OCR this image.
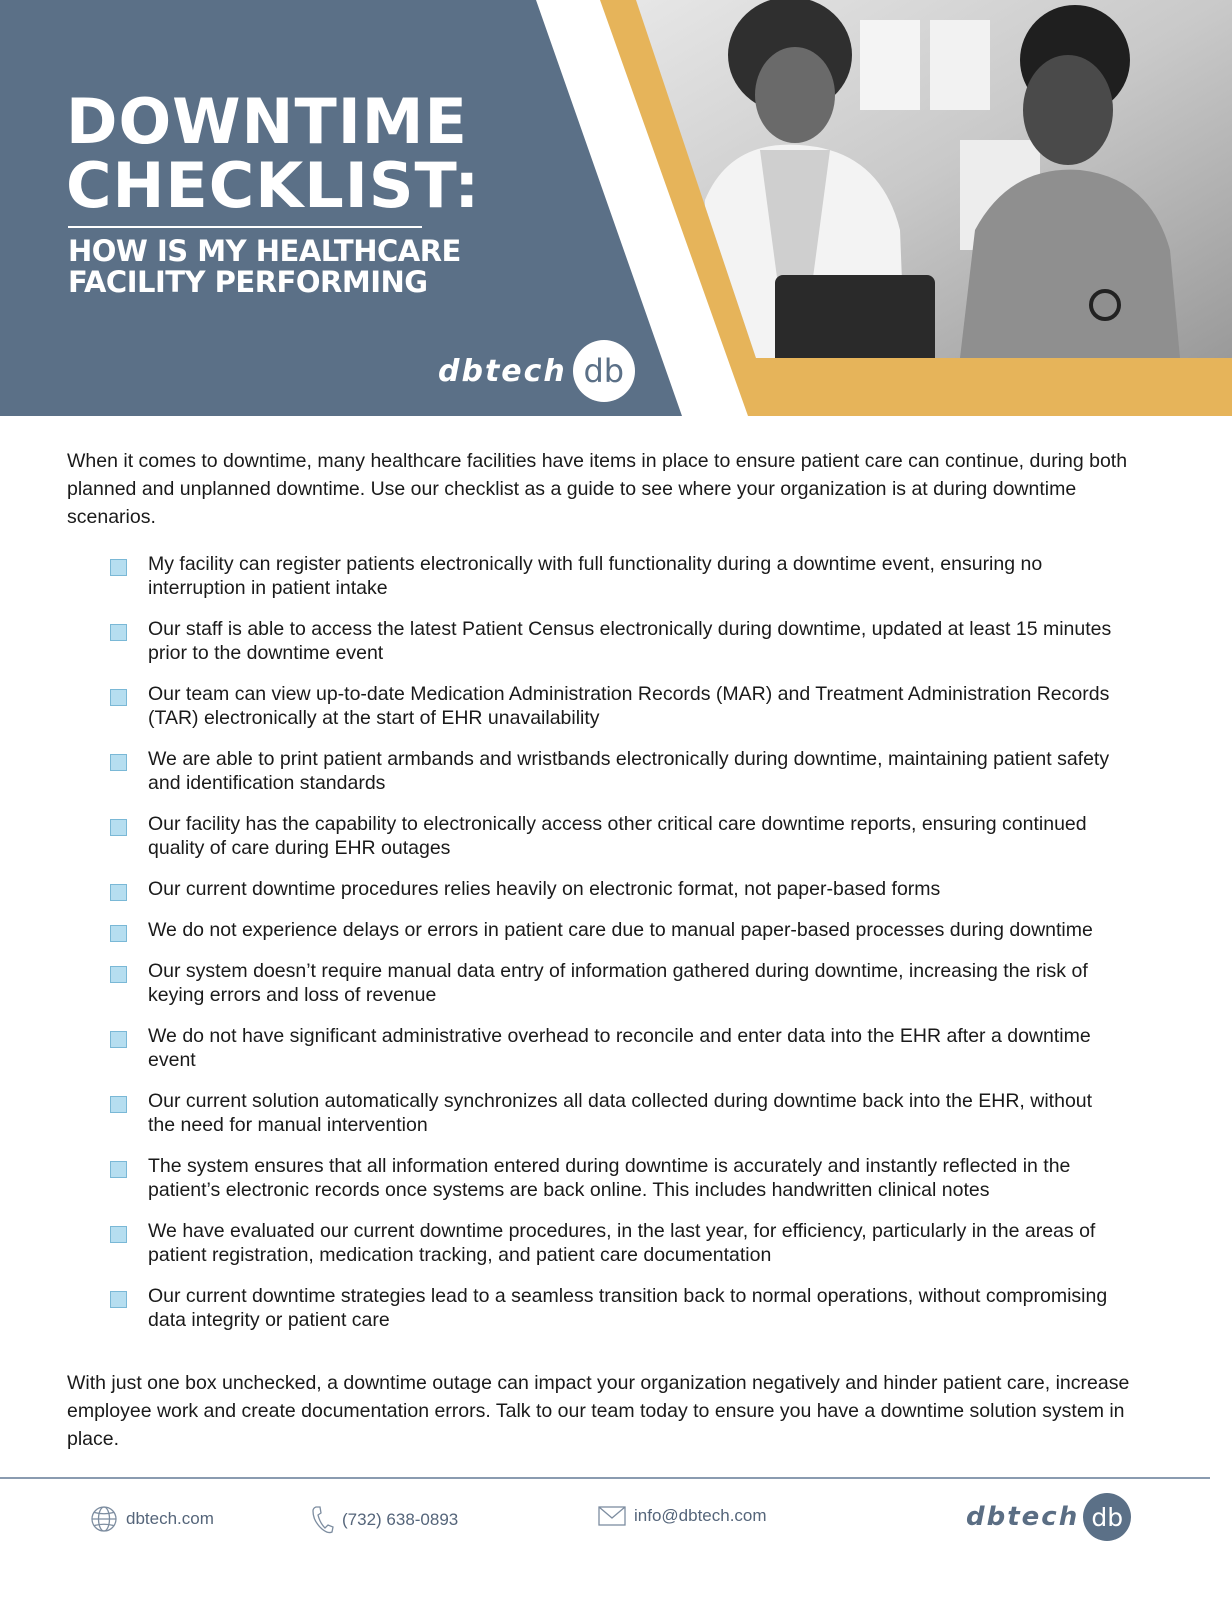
DOWNTIME
CHECKLIST:
HOW IS MY HEALTHCARE
FACILITY PERFORMING
dbtech db

When it comes to downtime, many healthcare facilities have items in place to ensure patient care can continue, during both planned and unplanned downtime. Use our checklist as a guide to see where your organization is at during downtime scenarios.

My facility can register patients electronically with full functionality during a downtime event, ensuring no interruption in patient intake
Our staff is able to access the latest Patient Census electronically during downtime, updated at least 15 minutes prior to the downtime event
Our team can view up-to-date Medication Administration Records (MAR) and Treatment Administration Records (TAR) electronically at the start of EHR unavailability
We are able to print patient armbands and wristbands electronically during downtime, maintaining patient safety and identification standards
Our facility has the capability to electronically access other critical care downtime reports, ensuring continued quality of care during EHR outages
Our current downtime procedures relies heavily on electronic format, not paper-based forms
We do not experience delays or errors in patient care due to manual paper-based processes during downtime
Our system doesn’t require manual data entry of information gathered during downtime, increasing the risk of keying errors and loss of revenue
We do not have significant administrative overhead to reconcile and enter data into the EHR after a downtime event
Our current solution automatically synchronizes all data collected during downtime back into the EHR, without the need for manual intervention
The system ensures that all information entered during downtime is accurately and instantly reflected in the patient’s electronic records once systems are back online. This includes handwritten clinical notes
We have evaluated our current downtime procedures, in the last year, for efficiency, particularly in the areas of patient registration, medication tracking, and patient care documentation
Our current downtime strategies lead to a seamless transition back to normal operations, without compromising data integrity or patient care

With just one box unchecked, a downtime outage can impact your organization negatively and hinder patient care, increase employee work and create documentation errors. Talk to our team today to ensure you have a downtime solution system in place.

dbtech.com	(732) 638-0893	info@dbtech.com	dbtech db
